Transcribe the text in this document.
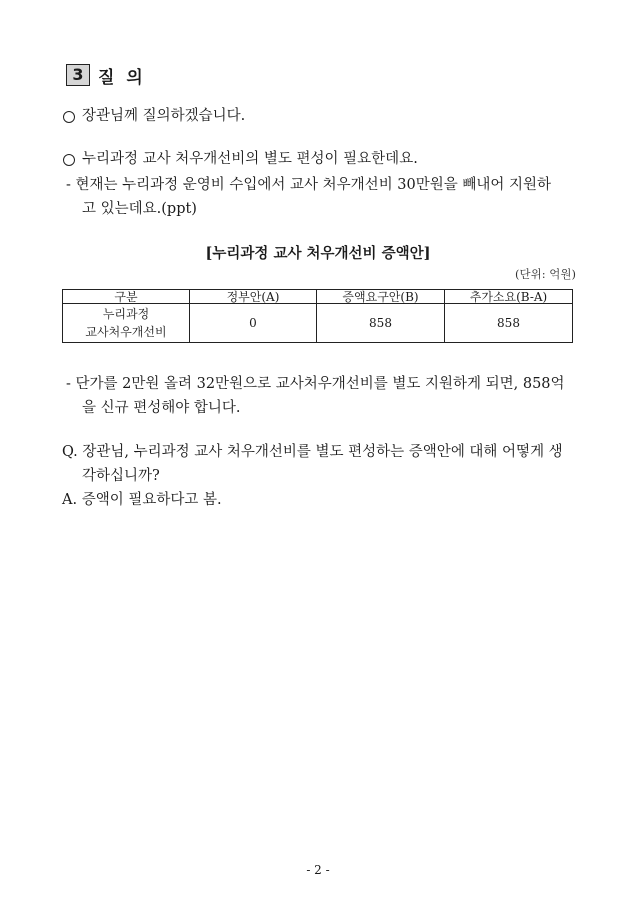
3 질 의
장관님께 질의하겠습니다.
누리과정 교사 처우개선비의 별도 편성이 필요한데요.
- 현재는 누리과정 운영비 수입에서 교사 처우개선비 30만원을 빼내어 지원하
고 있는데요.(ppt)
[누리과정 교사 처우개선비 증액안]
(단위: 억원)
구분	정부안(A)	증액요구안(B)	추가소요(B-A)

누리과정
교사처우개선비	0	858	858
- 단가를 2만원 올려 32만원으로 교사처우개선비를 별도 지원하게 되면, 858억
을 신규 편성해야 합니다.
Q. 장관님, 누리과정 교사 처우개선비를 별도 편성하는 증액안에 대해 어떻게 생
각하십니까?
A. 증액이 필요하다고 봄.
- 2 -
